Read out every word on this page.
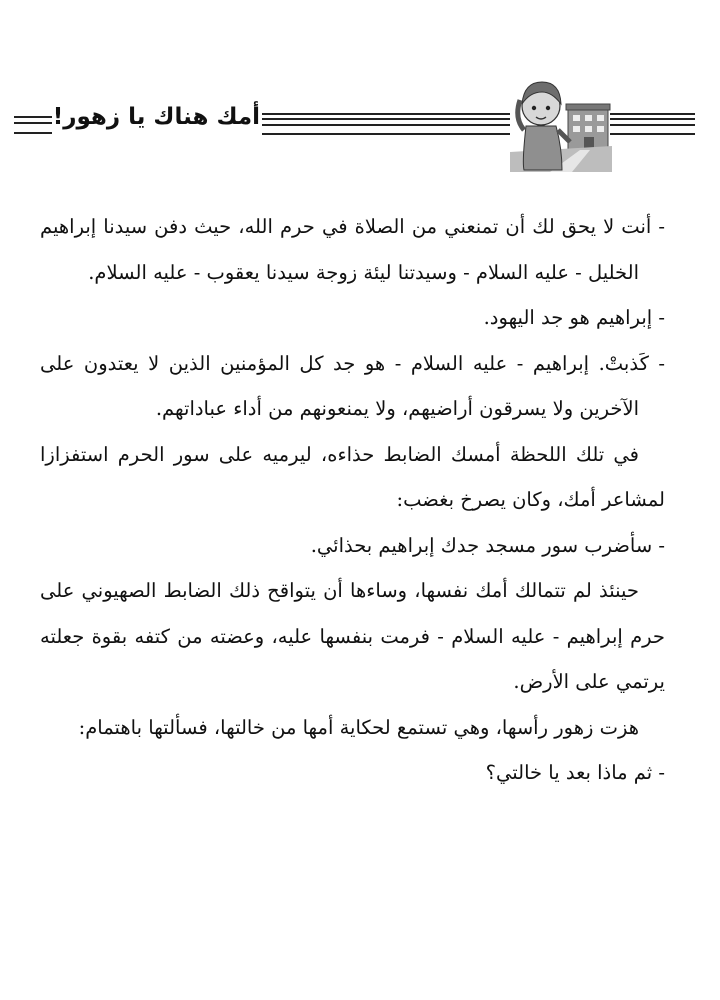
أمك هناك يا زهور!

- أنت لا يحق لك أن تمنعني من الصلاة في حرم الله، حيث دفن سيدنا إبراهيم الخليل - عليه السلام - وسيدتنا ليئة زوجة سيدنا يعقوب - عليه السلام.

- إبراهيم هو جد اليهود.

- كَذبتْ. إبراهيم - عليه السلام - هو جد كل المؤمنين الذين لا يعتدون على الآخرين ولا يسرقون أراضيهم، ولا يمنعونهم من أداء عباداتهم.

في تلك اللحظة أمسك الضابط حذاءه، ليرميه على سور الحرم استفزازا لمشاعر أمك، وكان يصرخ بغضب:

- سأضرب سور مسجد جدك إبراهيم بحذائي.

حينئذ لم تتمالك أمك نفسها، وساءها أن يتواقح ذلك الضابط الصهيوني على حرم إبراهيم - عليه السلام - فرمت بنفسها عليه، وعضته من كتفه بقوة جعلته يرتمي على الأرض.

هزت زهور رأسها، وهي تستمع لحكاية أمها من خالتها، فسألتها باهتمام:

- ثم ماذا بعد يا خالتي؟
